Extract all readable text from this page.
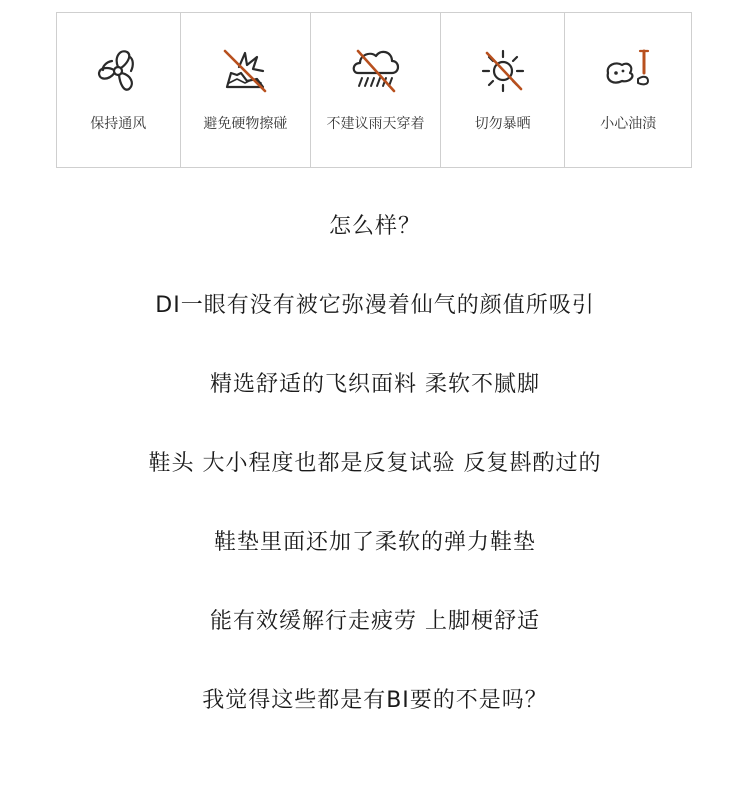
保持通风	避免硬物擦碰	不建议雨天穿着	切勿暴晒	小心油渍
怎么样？
DI一眼有没有被它弥漫着仙气的颜值所吸引
精选舒适的飞织面料 柔软不腻脚
鞋头 大小程度也都是反复试验 反复斟酌过的
鞋垫里面还加了柔软的弹力鞋垫
能有效缓解行走疲劳 上脚梗舒适
我觉得这些都是有BI要的不是吗？
